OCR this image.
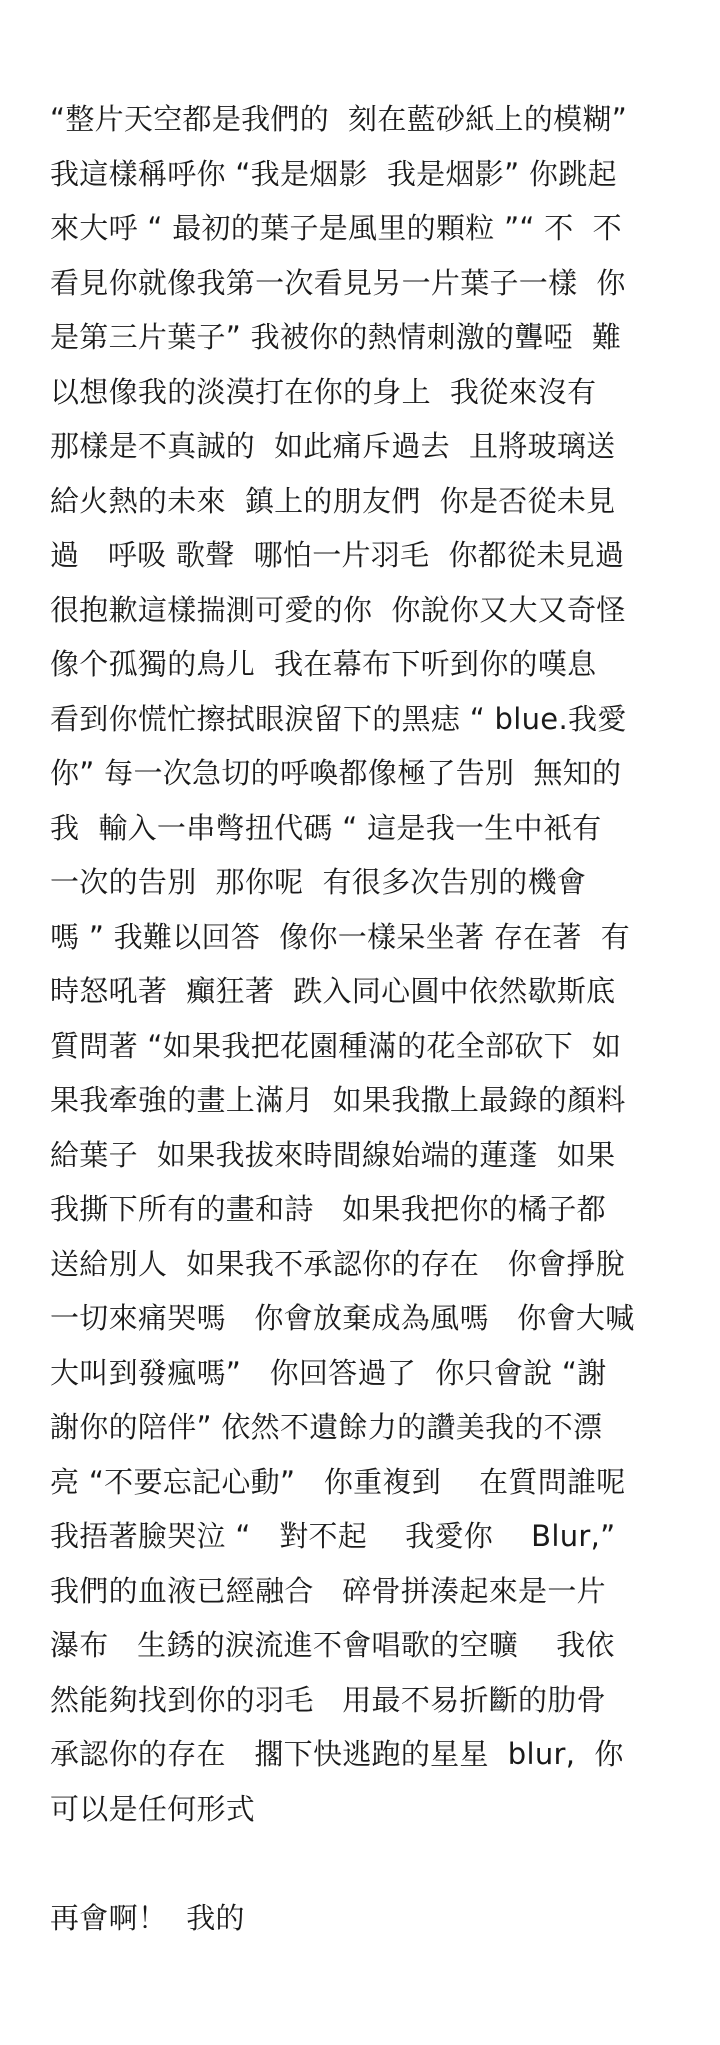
“整片天空都是我們的  刻在藍砂紙上的模糊”
我這樣稱呼你 “我是烟影  我是烟影” 你跳起
來大呼 “ 最初的葉子是風里的顆粒 ”“ 不  不
看見你就像我第一次看見另一片葉子一樣  你
是第三片葉子” 我被你的熱情刺激的聾啞  難
以想像我的淡漠打在你的身上  我從來沒有
那樣是不真誠的  如此痛斥過去  且將玻璃送
給火熱的未來  鎮上的朋友們  你是否從未見
過   呼吸 歌聲  哪怕一片羽毛  你都從未見過
很抱歉這樣揣測可愛的你  你說你又大又奇怪
像个孤獨的鳥儿  我在幕布下听到你的嘆息
看到你慌忙擦拭眼淚留下的黑痣 “ blue.我愛
你” 每一次急切的呼喚都像極了告別  無知的
我  輸入一串彆扭代碼 “ 這是我一生中衹有
一次的告別  那你呢  有很多次告別的機會
嗎 ” 我難以回答  像你一樣呆坐著 存在著  有
時怒吼著  癲狂著  跌入同心圓中依然歇斯底
質問著 “如果我把花園種滿的花全部砍下  如
果我牽強的畫上滿月  如果我撒上最錄的顏料
給葉子  如果我拔來時間線始端的蓮蓬  如果
我撕下所有的畫和詩   如果我把你的橘子都
送給別人  如果我不承認你的存在   你會掙脫
一切來痛哭嗎   你會放棄成為風嗎   你會大喊
大叫到發瘋嗎”   你回答過了  你只會說 “謝
謝你的陪伴” 依然不遺餘力的讚美我的不漂
亮 “不要忘記心動”   你重複到    在質問誰呢
我捂著臉哭泣 “   對不起    我愛你    Blur,”
我們的血液已經融合   碎骨拼湊起來是一片
瀑布   生銹的淚流進不會唱歌的空曠    我依
然能夠找到你的羽毛   用最不易折斷的肋骨
承認你的存在   擱下快逃跑的星星  blur,  你
可以是任何形式
再會啊！  我的
